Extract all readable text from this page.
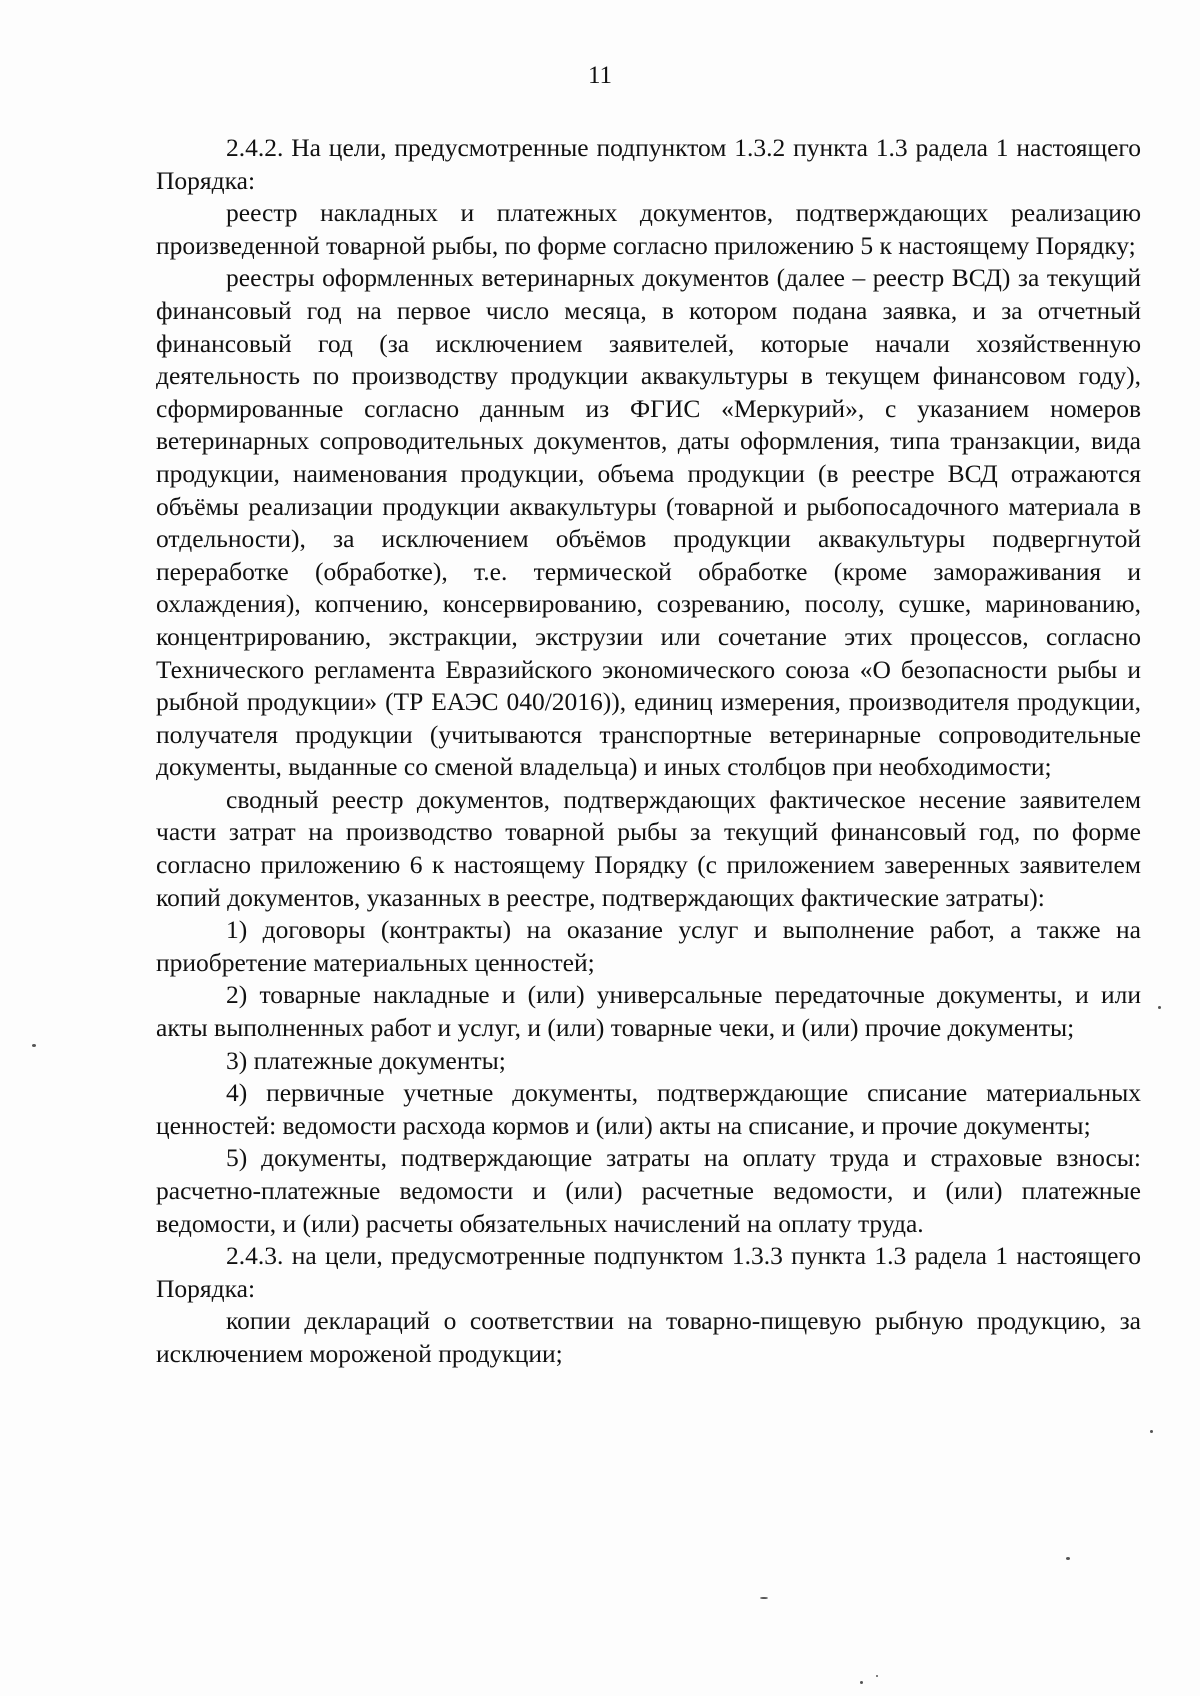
11

2.4.2. На цели, предусмотренные подпунктом 1.3.2 пункта 1.3 радела 1 настоящего Порядка:

реестр накладных и платежных документов, подтверждающих реализацию произведенной товарной рыбы, по форме согласно приложению 5 к настоящему Порядку;

реестры оформленных ветеринарных документов (далее – реестр ВСД) за текущий финансовый год на первое число месяца, в котором подана заявка, и за отчетный финансовый год (за исключением заявителей, которые начали хозяйственную деятельность по производству продукции аквакультуры в текущем финансовом году), сформированные согласно данным из ФГИС «Меркурий», с указанием номеров ветеринарных сопроводительных документов, даты оформления, типа транзакции, вида продукции, наименования продукции, объема продукции (в реестре ВСД отражаются объёмы реализации продукции аквакультуры (товарной и рыбопосадочного материала в отдельности), за исключением объёмов продукции аквакультуры подвергнутой переработке (обработке), т.е. термической обработке (кроме замораживания и охлаждения), копчению, консервированию, созреванию, посолу, сушке, маринованию, концентрированию, экстракции, экструзии или сочетание этих процессов, согласно Технического регламента Евразийского экономического союза «О безопасности рыбы и рыбной продукции» (ТР ЕАЭС 040/2016)), единиц измерения, производителя продукции, получателя продукции (учитываются транспортные ветеринарные сопроводительные документы, выданные со сменой владельца) и иных столбцов при необходимости;

сводный реестр документов, подтверждающих фактическое несение заявителем части затрат на производство товарной рыбы за текущий финансовый год, по форме согласно приложению 6 к настоящему Порядку (с приложением заверенных заявителем копий документов, указанных в реестре, подтверждающих фактические затраты):

1) договоры (контракты) на оказание услуг и выполнение работ, а также на приобретение материальных ценностей;

2) товарные накладные и (или) универсальные передаточные документы, и или акты выполненных работ и услуг, и (или) товарные чеки, и (или) прочие документы;

3) платежные документы;

4) первичные учетные документы, подтверждающие списание материальных ценностей: ведомости расхода кормов и (или) акты на списание, и прочие документы;

5) документы, подтверждающие затраты на оплату труда и страховые взносы: расчетно-платежные ведомости и (или) расчетные ведомости, и (или) платежные ведомости, и (или) расчеты обязательных начислений на оплату труда.

2.4.3. на цели, предусмотренные подпунктом 1.3.3 пункта 1.3 радела 1 настоящего Порядка:

копии деклараций о соответствии на товарно-пищевую рыбную продукцию, за исключением мороженой продукции;
